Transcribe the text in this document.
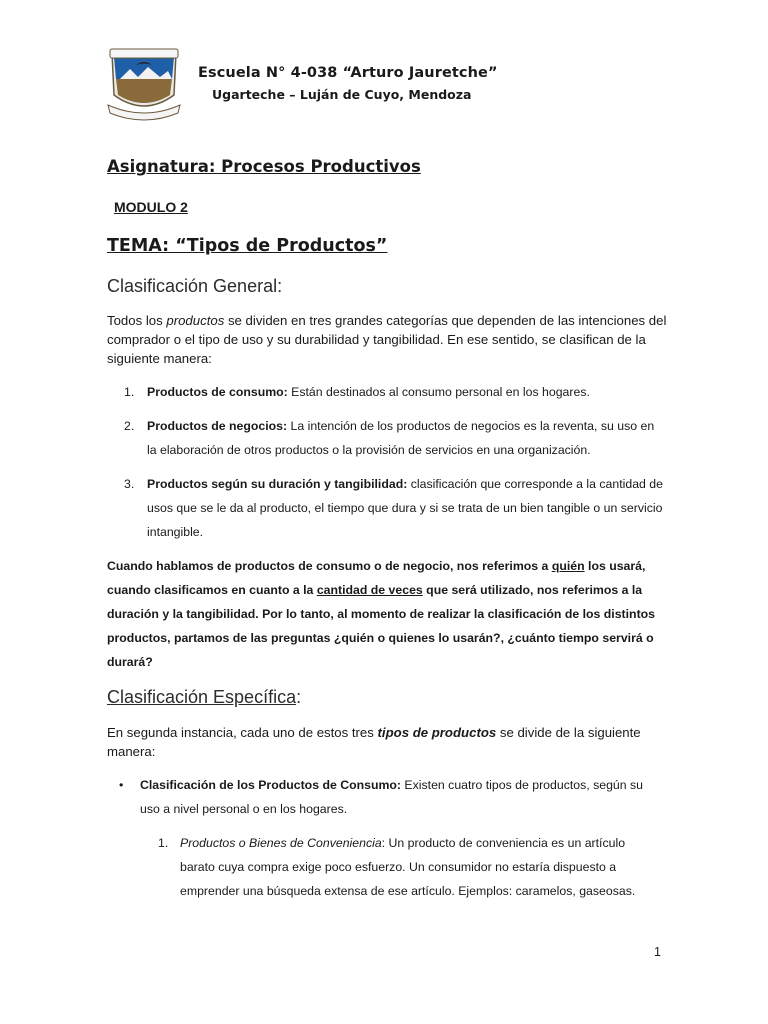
Escuela N° 4-038 “Arturo Jauretche”
Ugarteche – Luján de Cuyo, Mendoza
Asignatura: Procesos Productivos
MODULO 2
TEMA: “Tipos de Productos”
Clasificación General:
Todos los productos se dividen en tres grandes categorías que dependen de las intenciones del comprador o el tipo de uso y su durabilidad y tangibilidad. En ese sentido, se clasifican de la siguiente manera:
1. Productos de consumo: Están destinados al consumo personal en los hogares.
2. Productos de negocios: La intención de los productos de negocios es la reventa, su uso en la elaboración de otros productos o la provisión de servicios en una organización.
3. Productos según su duración y tangibilidad: clasificación que corresponde a la cantidad de usos que se le da al producto, el tiempo que dura y si se trata de un bien tangible o un servicio intangible.
Cuando hablamos de productos de consumo o de negocio, nos referimos a quién los usará, cuando clasificamos en cuanto a la cantidad de veces que será utilizado, nos referimos a la duración y la tangibilidad. Por lo tanto, al momento de realizar la clasificación de los distintos productos, partamos de las preguntas ¿quién o quienes lo usarán?, ¿cuánto tiempo servirá o durará?
Clasificación Específica:
En segunda instancia, cada uno de estos tres tipos de productos se divide de la siguiente manera:
• Clasificación de los Productos de Consumo: Existen cuatro tipos de productos, según su uso a nivel personal o en los hogares.
1. Productos o Bienes de Conveniencia: Un producto de conveniencia es un artículo barato cuya compra exige poco esfuerzo. Un consumidor no estaría dispuesto a emprender una búsqueda extensa de ese artículo. Ejemplos: caramelos, gaseosas.
1
